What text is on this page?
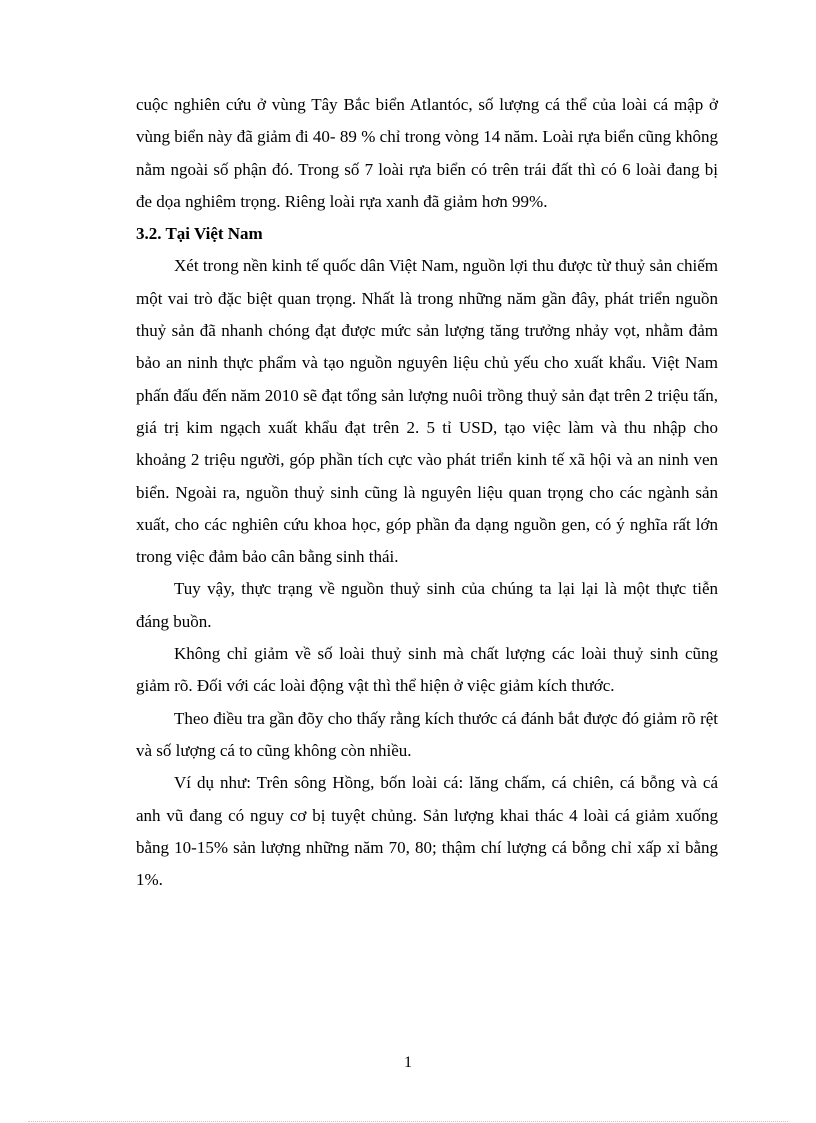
cuộc nghiên cứu ở vùng Tây Bắc biển Atlantóc, số lượng cá thể của loài cá mập ở vùng biển này đã giảm đi 40- 89 % chỉ trong vòng 14 năm. Loài rựa biển cũng không nằm ngoài số phận đó. Trong số 7 loài rựa biển có trên trái đất thì có 6 loài đang bị đe dọa nghiêm trọng. Riêng loài rựa xanh đã giảm hơn 99%.

3.2. Tại Việt Nam

Xét trong nền kinh tế quốc dân Việt Nam, nguồn lợi thu được từ thuỷ sản chiếm một vai trò đặc biệt quan trọng. Nhất là trong những năm gần đây, phát triển nguồn thuỷ sản đã nhanh chóng đạt được mức sản lượng tăng trưởng nhảy vọt, nhằm đảm bảo an ninh thực phẩm và tạo nguồn nguyên liệu chủ yếu cho xuất khẩu. Việt Nam phấn đấu đến năm 2010 sẽ đạt tổng sản lượng nuôi trồng thuỷ sản đạt trên 2 triệu tấn, giá trị kim ngạch xuất khẩu đạt trên 2. 5 tỉ USD, tạo việc làm và thu nhập cho khoảng 2 triệu người, góp phần tích cực vào phát triển kinh tế xã hội và an ninh ven biển. Ngoài ra, nguồn thuỷ sinh cũng là nguyên liệu quan trọng cho các ngành sản xuất, cho các nghiên cứu khoa học, góp phần đa dạng nguồn gen, có ý nghĩa rất lớn trong việc đảm bảo cân bằng sinh thái.

Tuy vậy, thực trạng về nguồn thuỷ sinh của chúng ta lại lại là một thực tiễn đáng buồn.

Không chỉ giảm về số loài thuỷ sinh mà chất lượng các loài thuỷ sinh cũng giảm rõ. Đối với các loài động vật thì thể hiện ở việc giảm kích thước.

Theo điều tra gần đõy cho thấy rằng kích thước cá đánh bắt được đó giảm rõ rệt và số lượng cá to cũng không còn nhiều.

Ví dụ như: Trên sông Hồng, bốn loài cá: lăng chấm, cá chiên, cá bỗng và cá anh vũ đang có nguy cơ bị tuyệt chủng. Sản lượng khai thác 4 loài cá giảm xuống bằng 10-15% sản lượng những năm 70, 80; thậm chí lượng cá bỗng chỉ xấp xỉ bằng 1%.

1
